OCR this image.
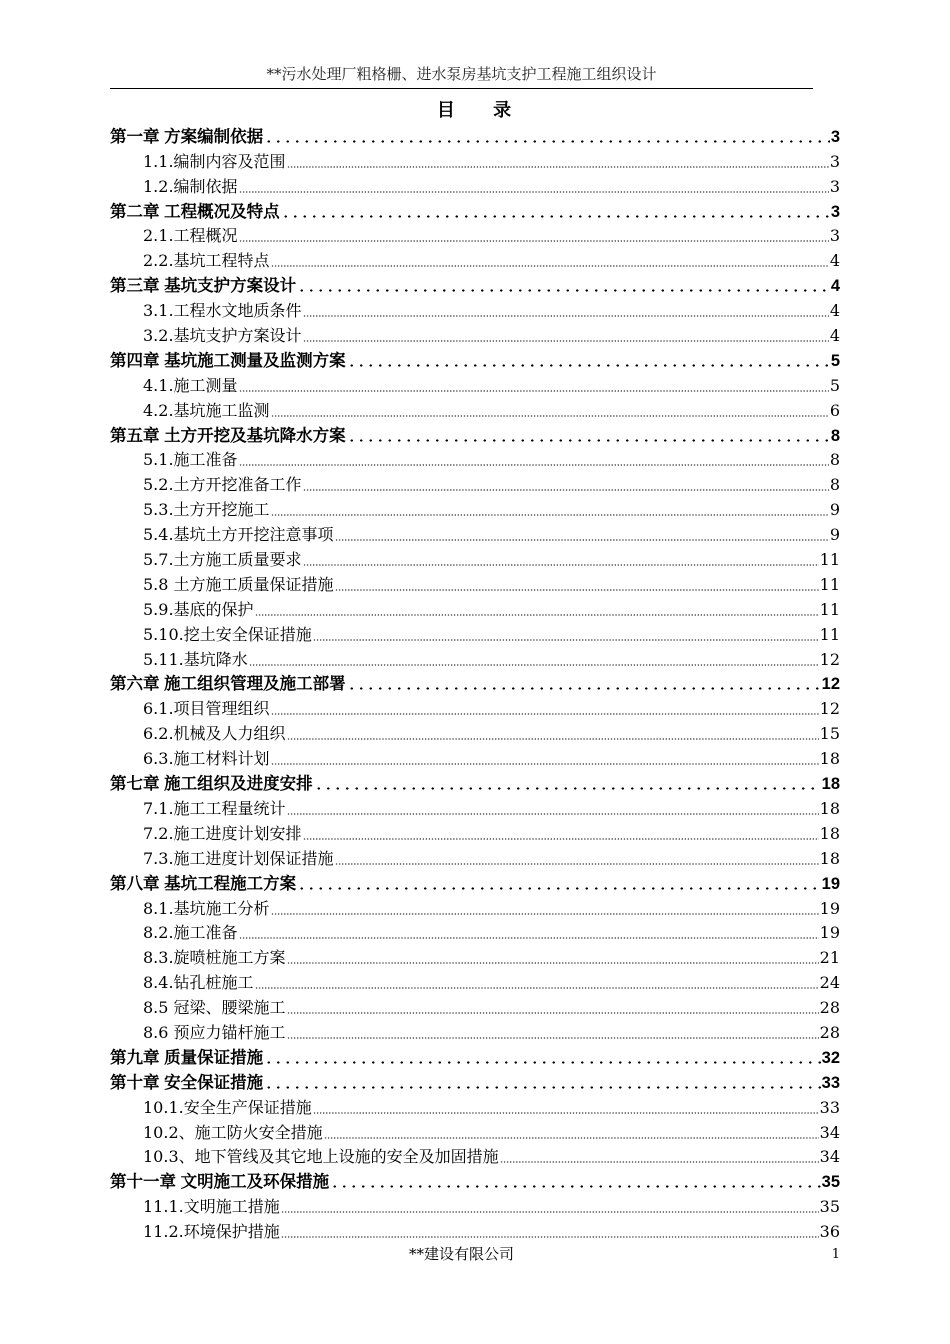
**污水处理厂粗格栅、进水泵房基坑支护工程施工组织设计
目 录
第一章 方案编制依据	3
1.1.编制内容及范围	3
1.2.编制依据	3
第二章 工程概况及特点	3
2.1.工程概况	3
2.2.基坑工程特点	4
第三章 基坑支护方案设计	4
3.1.工程水文地质条件	4
3.2.基坑支护方案设计	4
第四章 基坑施工测量及监测方案	5
4.1.施工测量	5
4.2.基坑施工监测	6
第五章 土方开挖及基坑降水方案	8
5.1.施工准备	8
5.2.土方开挖准备工作	8
5.3.土方开挖施工	9
5.4.基坑土方开挖注意事项	9
5.7.土方施工质量要求	11
5.8 土方施工质量保证措施	11
5.9.基底的保护	11
5.10.挖土安全保证措施	11
5.11.基坑降水	12
第六章 施工组织管理及施工部署	12
6.1.项目管理组织	12
6.2.机械及人力组织	15
6.3.施工材料计划	18
第七章 施工组织及进度安排	18
7.1.施工工程量统计	18
7.2.施工进度计划安排	18
7.3.施工进度计划保证措施	18
第八章 基坑工程施工方案	19
8.1.基坑施工分析	19
8.2.施工准备	19
8.3.旋喷桩施工方案	21
8.4.钻孔桩施工	24
8.5 冠梁、腰梁施工	28
8.6 预应力锚杆施工	28
第九章 质量保证措施	32
第十章 安全保证措施	33
10.1.安全生产保证措施	33
10.2、施工防火安全措施	34
10.3、地下管线及其它地上设施的安全及加固措施	34
第十一章 文明施工及环保措施	35
11.1.文明施工措施	35
11.2.环境保护措施	36
**建设有限公司	1
